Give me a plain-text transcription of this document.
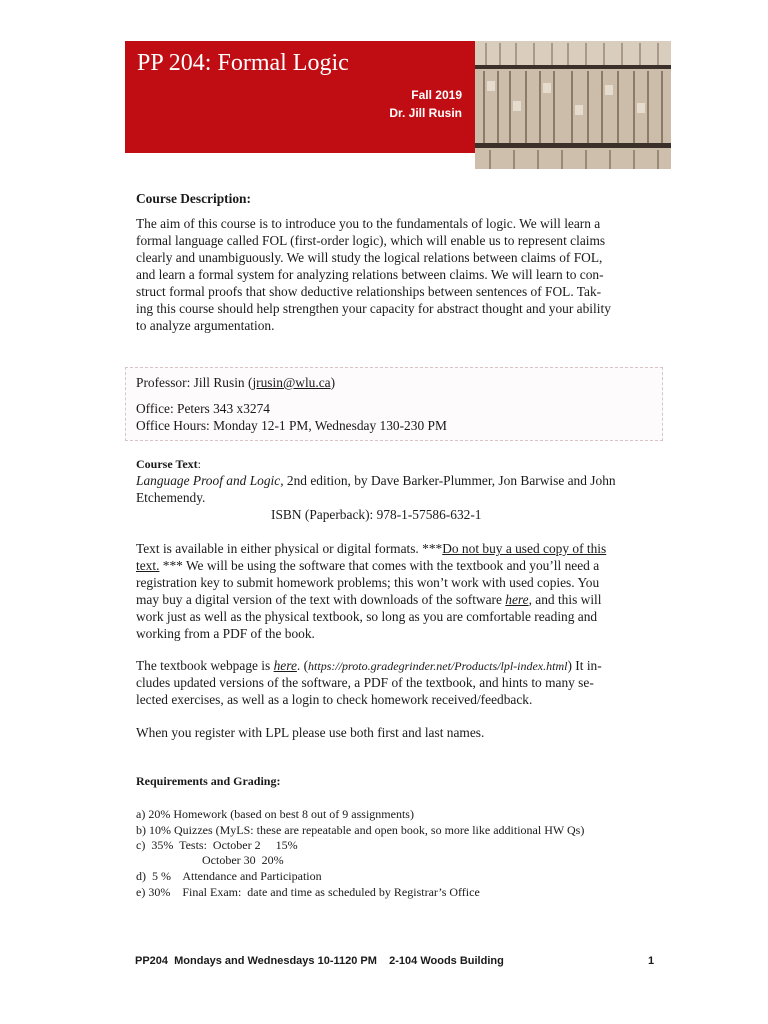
PP 204: Formal Logic
Fall 2019
Dr. Jill Rusin
Course Description:
The aim of this course is to introduce you to the fundamentals of logic. We will learn a
formal language called FOL (first-order logic), which will enable us to represent claims
clearly and unambiguously. We will study the logical relations between claims of FOL,
and learn a formal system for analyzing relations between claims. We will learn to con-
struct formal proofs that show deductive relationships between sentences of FOL. Tak-
ing this course should help strengthen your capacity for abstract thought and your ability
to analyze argumentation.
Professor: Jill Rusin (jrusin@wlu.ca)
Office: Peters 343 x3274
Office Hours: Monday 12-1 PM, Wednesday 130-230 PM
Course Text:
Language Proof and Logic, 2nd edition, by Dave Barker-Plummer, Jon Barwise and John
Etchemendy.
ISBN (Paperback): 978-1-57586-632-1
Text is available in either physical or digital formats. ***Do not buy a used copy of this
text. *** We will be using the software that comes with the textbook and you’ll need a
registration key to submit homework problems; this won’t work with used copies. You
may buy a digital version of the text with downloads of the software here, and this will
work just as well as the physical textbook, so long as you are comfortable reading and
working from a PDF of the book.
The textbook webpage is here. (https://proto.gradegrinder.net/Products/lpl-index.html) It in-
cludes updated versions of the software, a PDF of the textbook, and hints to many se-
lected exercises, as well as a login to check homework received/feedback.
When you register with LPL please use both first and last names.
Requirements and Grading:
a) 20% Homework (based on best 8 out of 9 assignments)
b) 10% Quizzes (MyLS: these are repeatable and open book, so more like additional HW Qs)
c)  35%  Tests:  October 2     15%
October 30  20%
d)  5 %    Attendance and Participation
e) 30%    Final Exam:  date and time as scheduled by Registrar’s Office
PP204  Mondays and Wednesdays 10-1120 PM    2-104 Woods Building	1
